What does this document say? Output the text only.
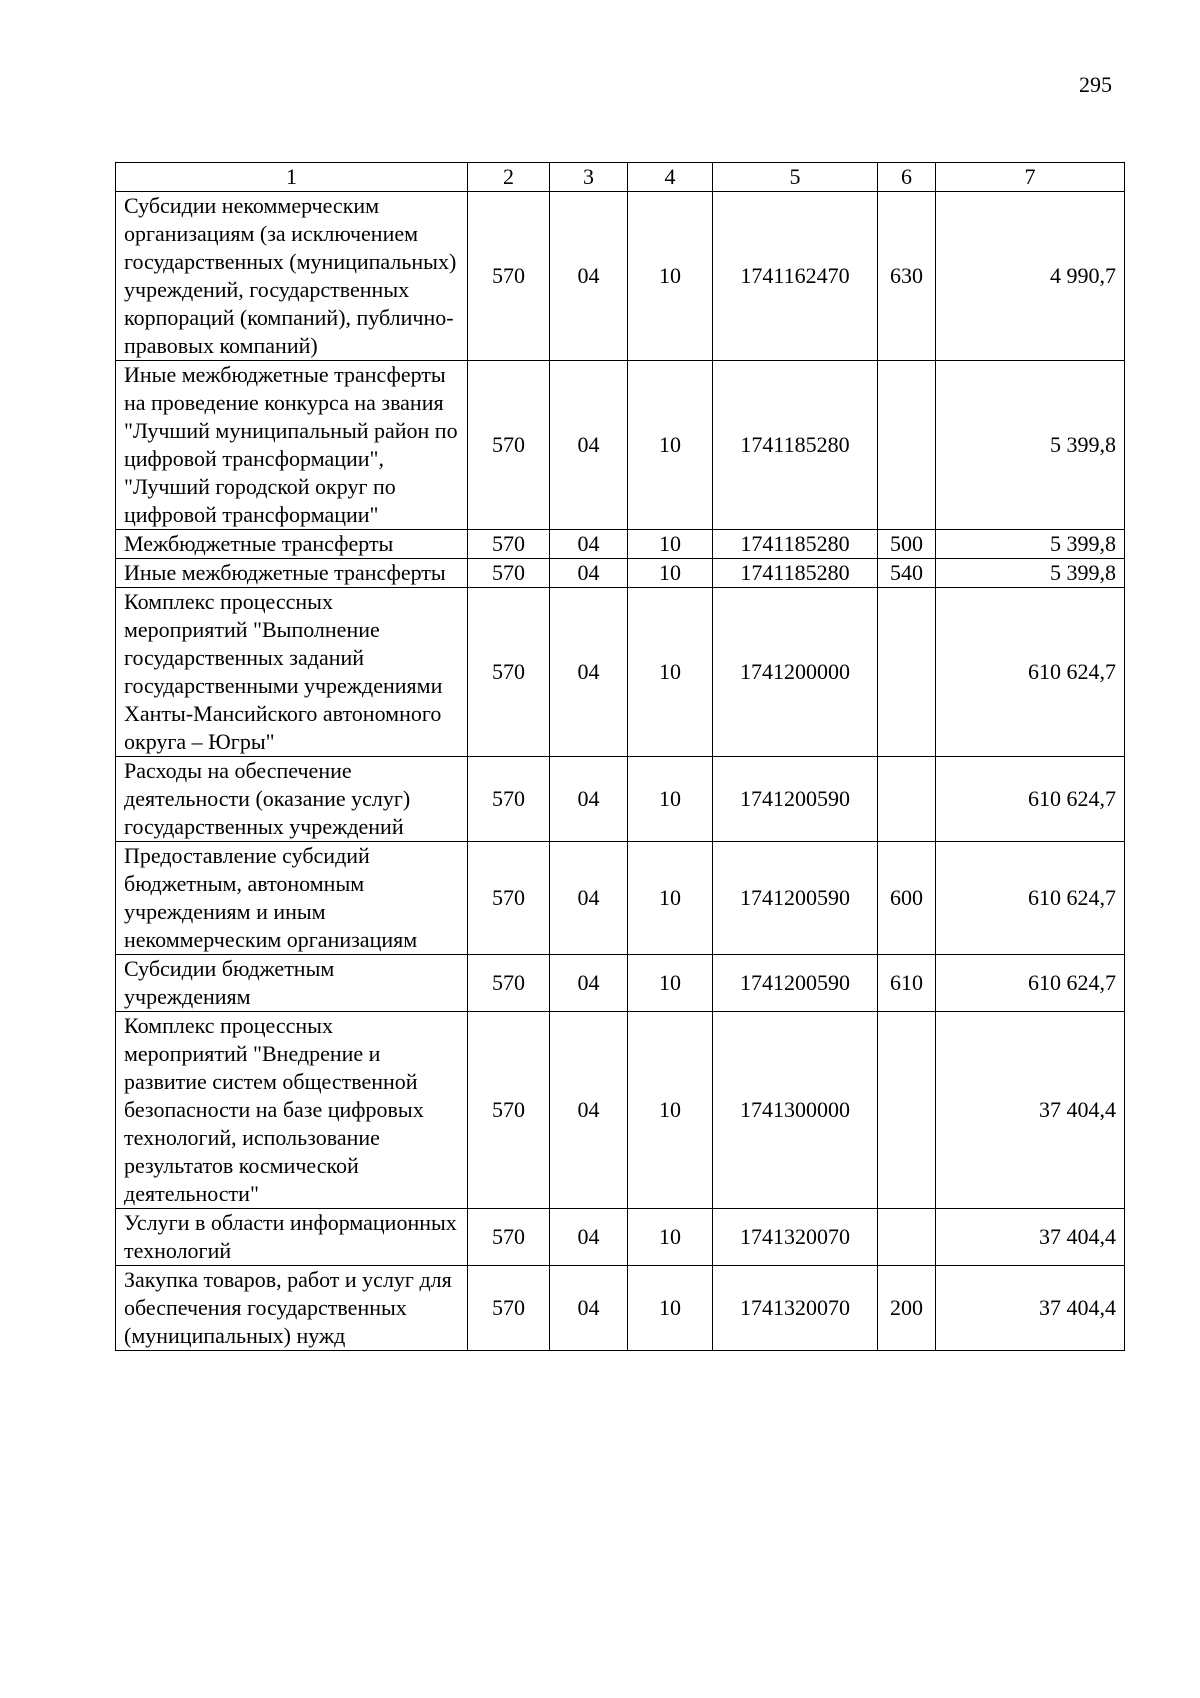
295
1	2	3	4	5	6	7
Субсидии некоммерческим организациям (за исключением государственных (муниципальных) учреждений, государственных корпораций (компаний), публично-правовых компаний)	570	04	10	1741162470	630	4 990,7
Иные межбюджетные трансферты на проведение конкурса на звания "Лучший муниципальный район по цифровой трансформации", "Лучший городской округ по цифровой трансформации"	570	04	10	1741185280		5 399,8
Межбюджетные трансферты	570	04	10	1741185280	500	5 399,8
Иные межбюджетные трансферты	570	04	10	1741185280	540	5 399,8
Комплекс процессных мероприятий "Выполнение государственных заданий государственными учреждениями Ханты-Мансийского автономного округа – Югры"	570	04	10	1741200000		610 624,7
Расходы на обеспечение деятельности (оказание услуг) государственных учреждений	570	04	10	1741200590		610 624,7
Предоставление субсидий бюджетным, автономным учреждениям и иным некоммерческим организациям	570	04	10	1741200590	600	610 624,7
Субсидии бюджетным учреждениям	570	04	10	1741200590	610	610 624,7
Комплекс процессных мероприятий "Внедрение и развитие систем общественной безопасности на базе цифровых технологий, использование результатов космической деятельности"	570	04	10	1741300000		37 404,4
Услуги в области информационных технологий	570	04	10	1741320070		37 404,4
Закупка товаров, работ и услуг для обеспечения государственных (муниципальных) нужд	570	04	10	1741320070	200	37 404,4
